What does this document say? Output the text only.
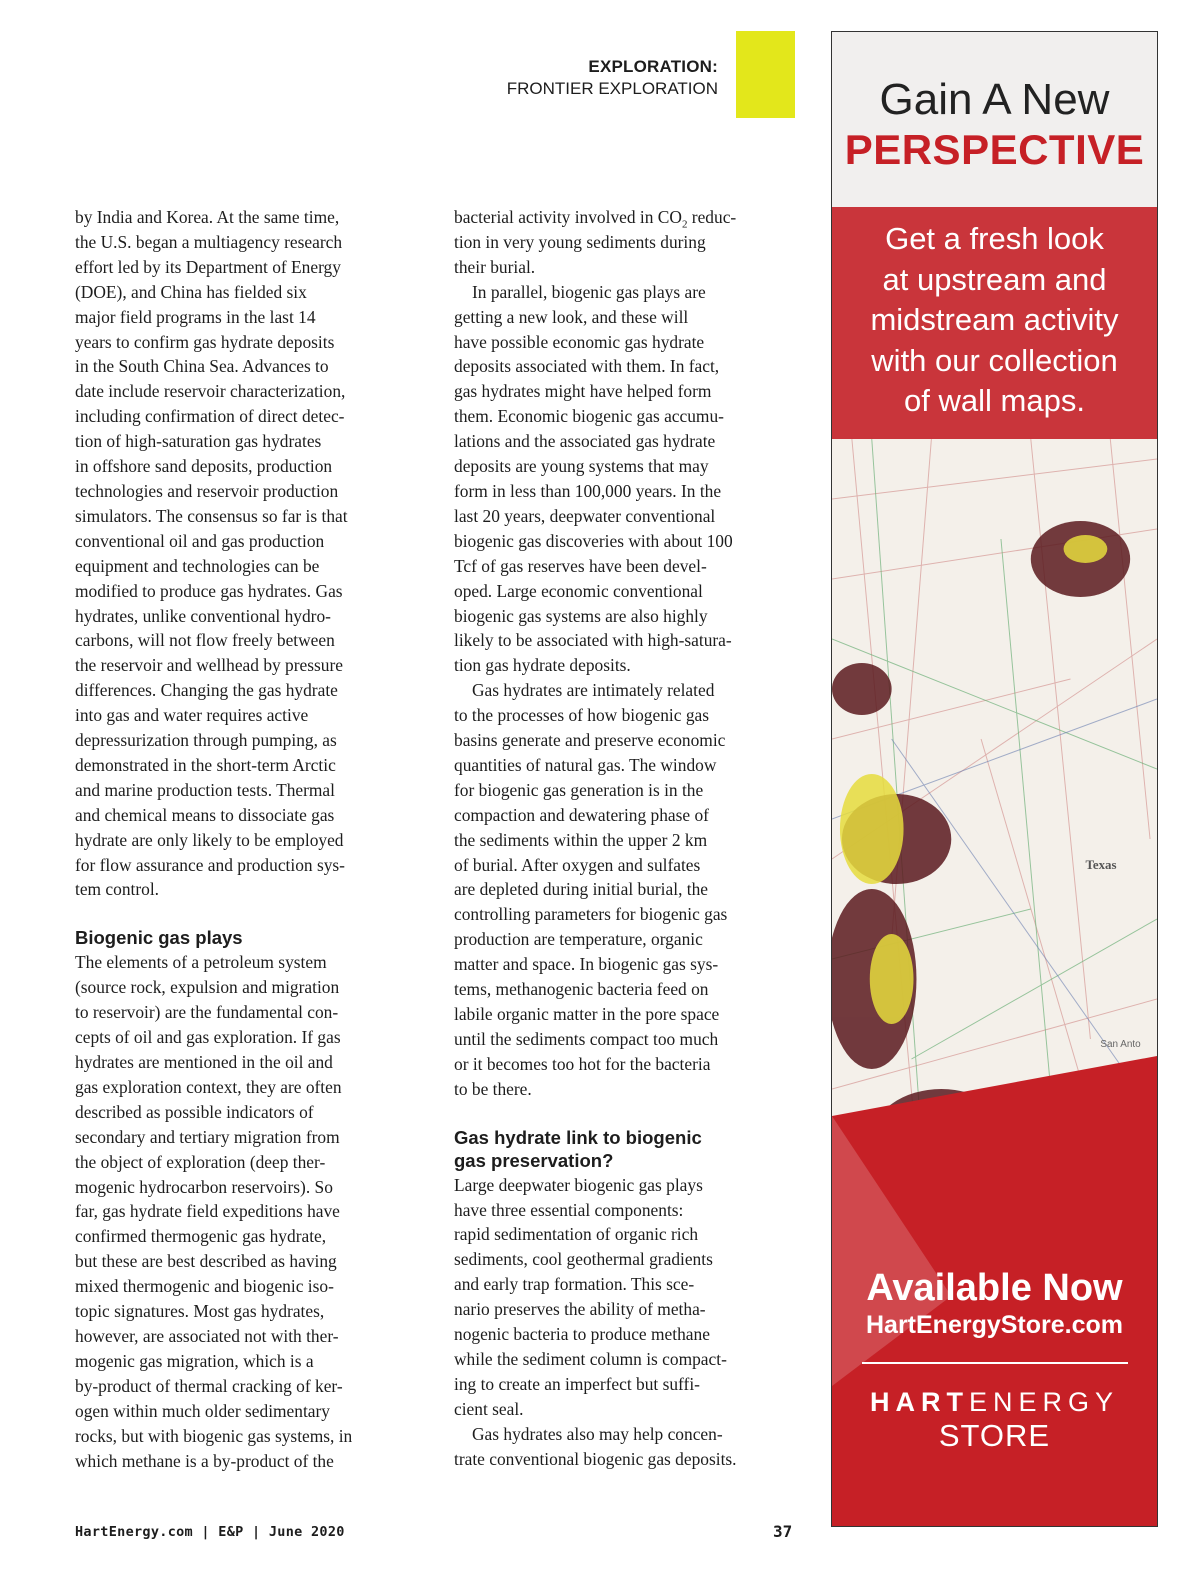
EXPLORATION:
FRONTIER EXPLORATION

by India and Korea. At the same time,
the U.S. began a multiagency research
effort led by its Department of Energy
(DOE), and China has fielded six
major field programs in the last 14
years to confirm gas hydrate deposits
in the South China Sea. Advances to
date include reservoir characterization,
including confirmation of direct detec-
tion of high-saturation gas hydrates
in offshore sand deposits, production
technologies and reservoir production
simulators. The consensus so far is that
conventional oil and gas production
equipment and technologies can be
modified to produce gas hydrates. Gas
hydrates, unlike conventional hydro-
carbons, will not flow freely between
the reservoir and wellhead by pressure
differences. Changing the gas hydrate
into gas and water requires active
depressurization through pumping, as
demonstrated in the short-term Arctic
and marine production tests. Thermal
and chemical means to dissociate gas
hydrate are only likely to be employed
for flow assurance and production sys-
tem control.

Biogenic gas plays

The elements of a petroleum system
(source rock, expulsion and migration
to reservoir) are the fundamental con-
cepts of oil and gas exploration. If gas
hydrates are mentioned in the oil and
gas exploration context, they are often
described as possible indicators of
secondary and tertiary migration from
the object of exploration (deep ther-
mogenic hydrocarbon reservoirs). So
far, gas hydrate field expeditions have
confirmed thermogenic gas hydrate,
but these are best described as having
mixed thermogenic and biogenic iso-
topic signatures. Most gas hydrates,
however, are associated not with ther-
mogenic gas migration, which is a
by-product of thermal cracking of ker-
ogen within much older sedimentary
rocks, but with biogenic gas systems, in
which methane is a by-product of the

bacterial activity involved in $CO_2$ reduc-
tion in very young sediments during
their burial.

In parallel, biogenic gas plays are
getting a new look, and these will
have possible economic gas hydrate
deposits associated with them. In fact,
gas hydrates might have helped form
them. Economic biogenic gas accumu-
lations and the associated gas hydrate
deposits are young systems that may
form in less than 100,000 years. In the
last 20 years, deepwater conventional
biogenic gas discoveries with about 100
Tcf of gas reserves have been devel-
oped. Large economic conventional
biogenic gas systems are also highly
likely to be associated with high-satura-
tion gas hydrate deposits.

Gas hydrates are intimately related
to the processes of how biogenic gas
basins generate and preserve economic
quantities of natural gas. The window
for biogenic gas generation is in the
compaction and dewatering phase of
the sediments within the upper 2 km
of burial. After oxygen and sulfates
are depleted during initial burial, the
controlling parameters for biogenic gas
production are temperature, organic
matter and space. In biogenic gas sys-
tems, methanogenic bacteria feed on
labile organic matter in the pore space
until the sediments compact too much
or it becomes too hot for the bacteria
to be there.

Gas hydrate link to biogenic
gas preservation?

Large deepwater biogenic gas plays
have three essential components:
rapid sedimentation of organic rich
sediments, cool geothermal gradients
and early trap formation. This sce-
nario preserves the ability of metha-
nogenic bacteria to produce methane
while the sediment column is compact-
ing to create an imperfect but suffi-
cient seal.

Gas hydrates also may help concen-
trate conventional biogenic gas deposits.

HartEnergy.com | E&P | June 2020	37
Gain A New
PERSPECTIVE
Get a fresh look
at upstream and
midstream activity
with our collection
of wall maps.
Texas
San Anto
Available Now
HartEnergyStore.com
HARTENERGY
STORE
